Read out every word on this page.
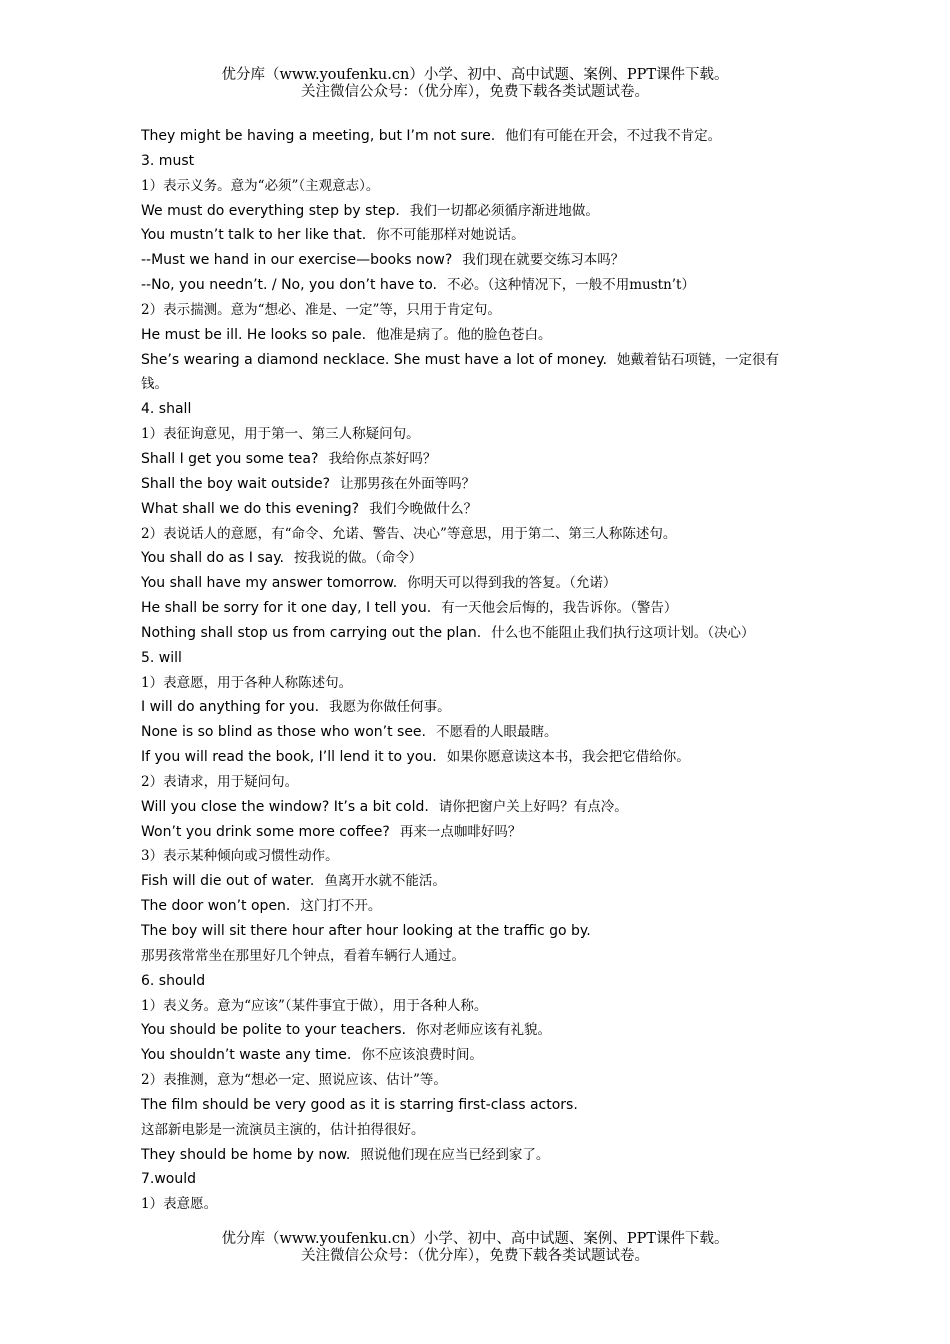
优分库（www.youfenku.cn）小学、初中、高中试题、案例、PPT课件下载。
关注微信公众号：（优分库），免费下载各类试题试卷。
They might be having a meeting, but I’m not sure. 他们有可能在开会，不过我不肯定。
3. must
1）表示义务。意为“必须”（主观意志）。
We must do everything step by step. 我们一切都必须循序渐进地做。
You mustn’t talk to her like that. 你不可能那样对她说话。
--Must we hand in our exercise—books now? 我们现在就要交练习本吗？
--No, you needn’t. / No, you don’t have to. 不必。（这种情况下，一般不用mustn’t）
2）表示揣测。意为“想必、准是、一定”等，只用于肯定句。
He must be ill. He looks so pale. 他准是病了。他的脸色苍白。
She’s wearing a diamond necklace. She must have a lot of money. 她戴着钻石项链，一定很有
钱。
4. shall
1）表征询意见，用于第一、第三人称疑问句。
Shall I get you some tea? 我给你点茶好吗？
Shall the boy wait outside? 让那男孩在外面等吗？
What shall we do this evening? 我们今晚做什么？
2）表说话人的意愿，有“命令、允诺、警告、决心”等意思，用于第二、第三人称陈述句。
You shall do as I say. 按我说的做。（命令）
You shall have my answer tomorrow. 你明天可以得到我的答复。（允诺）
He shall be sorry for it one day, I tell you. 有一天他会后悔的，我告诉你。（警告）
Nothing shall stop us from carrying out the plan. 什么也不能阻止我们执行这项计划。（决心）
5. will
1）表意愿，用于各种人称陈述句。
I will do anything for you. 我愿为你做任何事。
None is so blind as those who won’t see. 不愿看的人眼最瞎。
If you will read the book, I’ll lend it to you. 如果你愿意读这本书，我会把它借给你。
2）表请求，用于疑问句。
Will you close the window? It’s a bit cold. 请你把窗户关上好吗？有点冷。
Won’t you drink some more coffee? 再来一点咖啡好吗？
3）表示某种倾向或习惯性动作。
Fish will die out of water. 鱼离开水就不能活。
The door won’t open. 这门打不开。
The boy will sit there hour after hour looking at the traffic go by.
那男孩常常坐在那里好几个钟点，看着车辆行人通过。
6. should
1）表义务。意为“应该”（某件事宜于做），用于各种人称。
You should be polite to your teachers. 你对老师应该有礼貌。
You shouldn’t waste any time. 你不应该浪费时间。
2）表推测，意为“想必一定、照说应该、估计”等。
The film should be very good as it is starring first-class actors.
这部新电影是一流演员主演的，估计拍得很好。
They should be home by now. 照说他们现在应当已经到家了。
7.would
1）表意愿。
优分库（www.youfenku.cn）小学、初中、高中试题、案例、PPT课件下载。
关注微信公众号：（优分库），免费下载各类试题试卷。
